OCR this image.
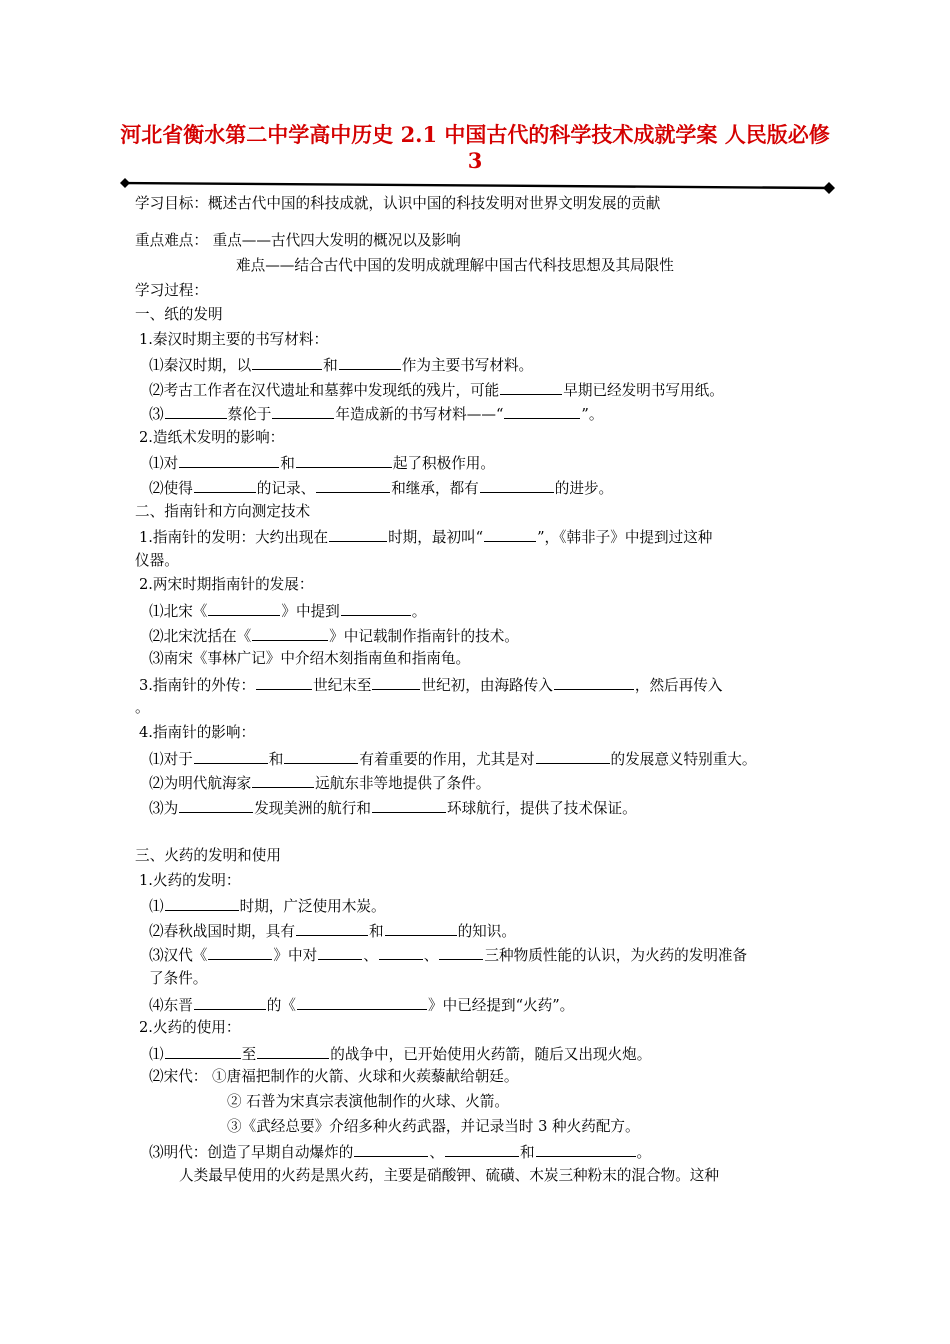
河北省衡水第二中学高中历史 2.1 中国古代的科学技术成就学案 人民版必修3
学习目标：概述古代中国的科技成就，认识中国的科技发明对世界文明发展的贡献
重点难点： 重点——古代四大发明的概况以及影响
难点——结合古代中国的发明成就理解中国古代科技思想及其局限性
学习过程：
一、纸的发明
1.秦汉时期主要的书写材料：
⑴秦汉时期，以	和	作为主要书写材料。
⑵考古工作者在汉代遗址和墓葬中发现纸的残片，可能	早期已经发明书写用纸。
⑶	蔡伦于	年造成新的书写材料——“	”。
2.造纸术发明的影响：
⑴对	和	起了积极作用。
⑵使得	的记录、	和继承，都有	的进步。
二、指南针和方向测定技术
1.指南针的发明：大约出现在	时期，最初叫“	”，《韩非子》中提到过这种
仪器。
2.两宋时期指南针的发展：
⑴北宋《	》中提到	。
⑵北宋沈括在《	》中记载制作指南针的技术。
⑶南宋《事林广记》中介绍木刻指南鱼和指南龟。
3.指南针的外传：	世纪末至	世纪初，由海路传入	，然后再传入
。
4.指南针的影响：
⑴对于	和	有着重要的作用，尤其是对	的发展意义特别重大。
⑵为明代航海家	远航东非等地提供了条件。
⑶为	发现美洲的航行和	环球航行，提供了技术保证。
三、火药的发明和使用
1.火药的发明：
⑴	时期，广泛使用木炭。
⑵春秋战国时期，具有	和	的知识。
⑶汉代《	》中对	、	、	三种物质性能的认识，为火药的发明准备
了条件。
⑷东晋	的《	》中已经提到“火药”。
2.火药的使用：
⑴	至	的战争中，已开始使用火药箭，随后又出现火炮。
⑵宋代： ①唐福把制作的火箭、火球和火蒺藜献给朝廷。
② 石普为宋真宗表演他制作的火球、火箭。
③《武经总要》介绍多种火药武器，并记录当时 3 种火药配方。
⑶明代：创造了早期自动爆炸的	、	和	。
人类最早使用的火药是黑火药，主要是硝酸钾、硫磺、木炭三种粉末的混合物。这种
